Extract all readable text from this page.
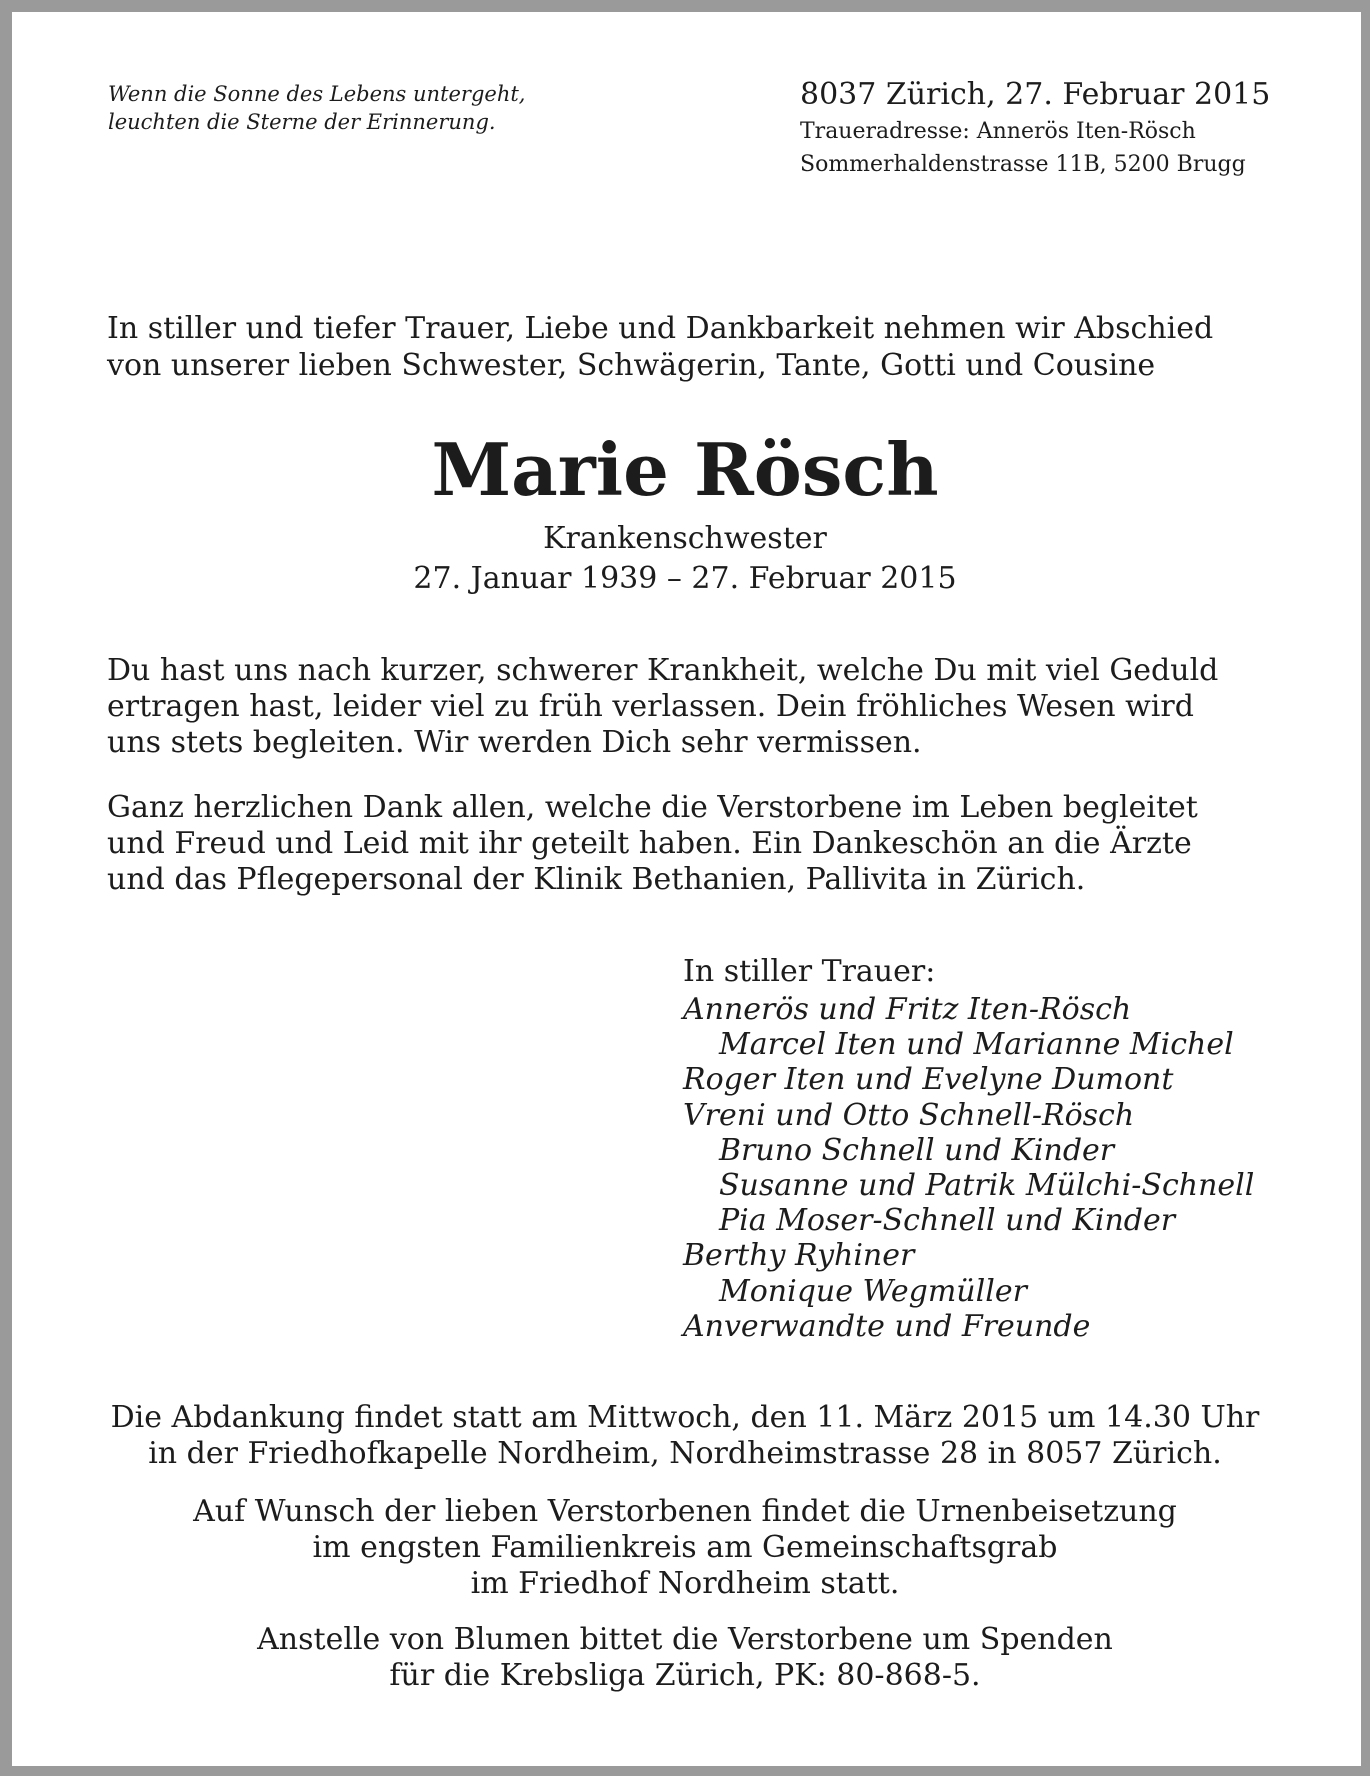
Wenn die Sonne des Lebens untergeht,
leuchten die Sterne der Erinnerung.
8037 Zürich, 27. Februar 2015
Traueradresse: Annerös Iten-Rösch
Sommerhaldenstrasse 11B, 5200 Brugg
In stiller und tiefer Trauer, Liebe und Dankbarkeit nehmen wir Abschied
von unserer lieben Schwester, Schwägerin, Tante, Gotti und Cousine
Marie Rösch
Krankenschwester
27. Januar 1939 – 27. Februar 2015
Du hast uns nach kurzer, schwerer Krankheit, welche Du mit viel Geduld
ertragen hast, leider viel zu früh verlassen. Dein fröhliches Wesen wird
uns stets begleiten. Wir werden Dich sehr vermissen.
Ganz herzlichen Dank allen, welche die Verstorbene im Leben begleitet
und Freud und Leid mit ihr geteilt haben. Ein Dankeschön an die Ärzte
und das Pflegepersonal der Klinik Bethanien, Pallivita in Zürich.
In stiller Trauer:
Annerös und Fritz Iten-Rösch
Marcel Iten und Marianne Michel
Roger Iten und Evelyne Dumont
Vreni und Otto Schnell-Rösch
Bruno Schnell und Kinder
Susanne und Patrik Mülchi-Schnell
Pia Moser-Schnell und Kinder
Berthy Ryhiner
Monique Wegmüller
Anverwandte und Freunde
Die Abdankung findet statt am Mittwoch, den 11. März 2015 um 14.30 Uhr
in der Friedhofkapelle Nordheim, Nordheimstrasse 28 in 8057 Zürich.
Auf Wunsch der lieben Verstorbenen findet die Urnenbeisetzung
im engsten Familienkreis am Gemeinschaftsgrab
im Friedhof Nordheim statt.
Anstelle von Blumen bittet die Verstorbene um Spenden
für die Krebsliga Zürich, PK: 80-868-5.
